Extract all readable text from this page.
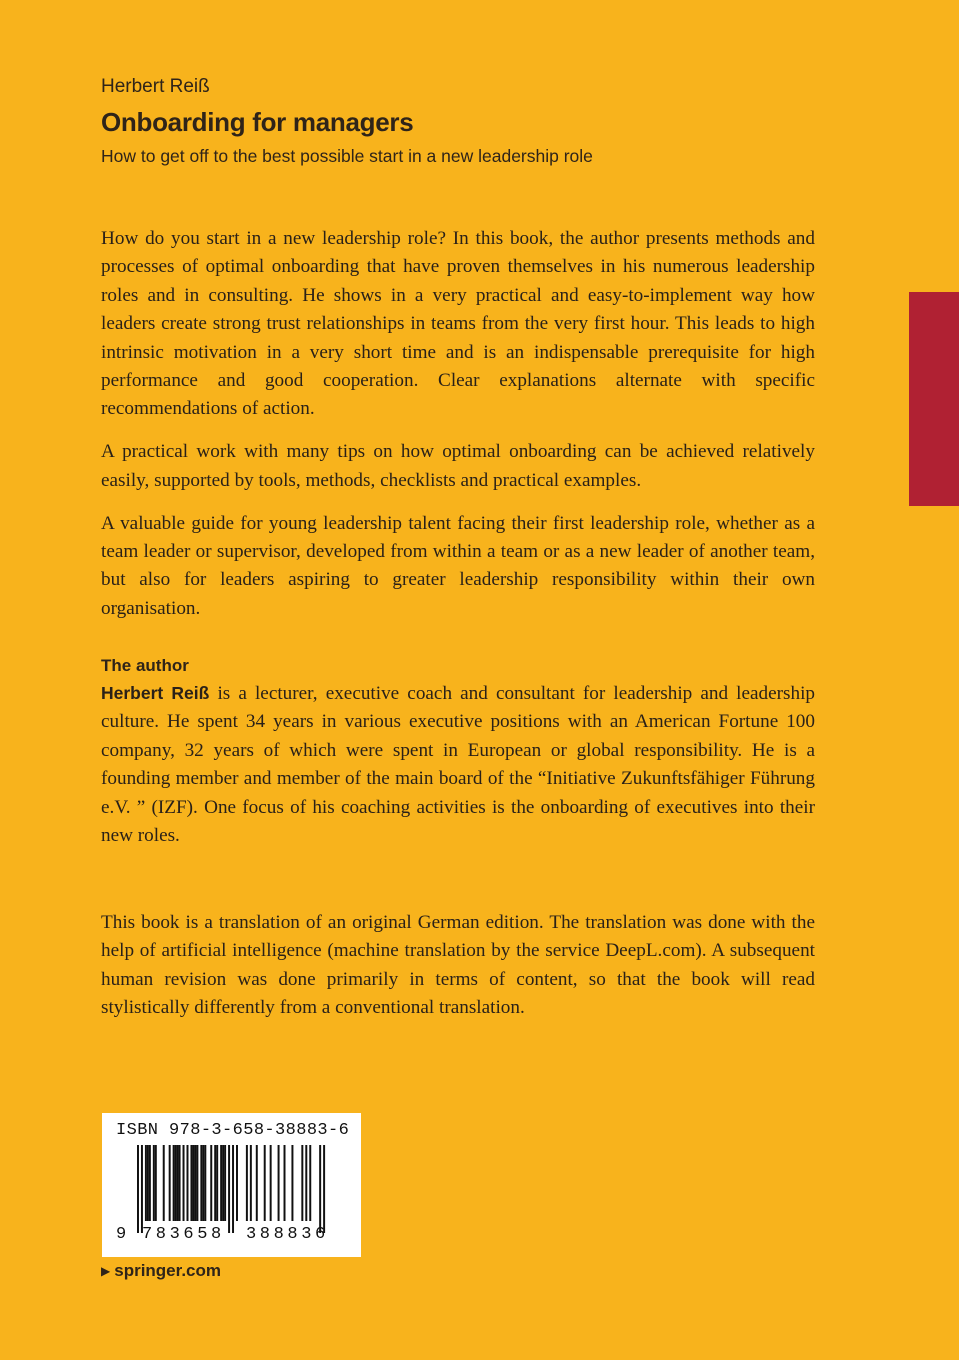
Herbert Reiß
Onboarding for managers
How to get off to the best possible start in a new leadership role

How do you start in a new leadership role? In this book, the author presents methods and processes of optimal onboarding that have proven themselves in his numerous leadership roles and in consulting. He shows in a very practical and easy-to-implement way how leaders create strong trust relationships in teams from the very first hour. This leads to high intrinsic motivation in a very short time and is an indispensable prerequisite for high performance and good cooperation. Clear explanations alternate with specific recommendations of action.

A practical work with many tips on how optimal onboarding can be achieved relatively easily, supported by tools, methods, checklists and practical examples.

A valuable guide for young leadership talent facing their first leadership role, whether as a team leader or supervisor, developed from within a team or as a new leader of another team, but also for leaders aspiring to greater leadership responsibility within their own organisation.

The author

Herbert Reiß is a lecturer, executive coach and consultant for leadership and leadership culture. He spent 34 years in various executive positions with an American Fortune 100 company, 32 years of which were spent in European or global responsibility. He is a founding member and member of the main board of the “Initiative Zukunftsfähiger Führung e.V. ” (IZF). One focus of his coaching activities is the onboarding of executives into their new roles.

This book is a translation of an original German edition. The translation was done with the help of artificial intelligence (machine translation by the service DeepL.com). A subsequent human revision was done primarily in terms of content, so that the book will read stylistically differently from a conventional translation.

ISBN 978-3-658-38883-6
9 783658 388836
▶ springer.com
